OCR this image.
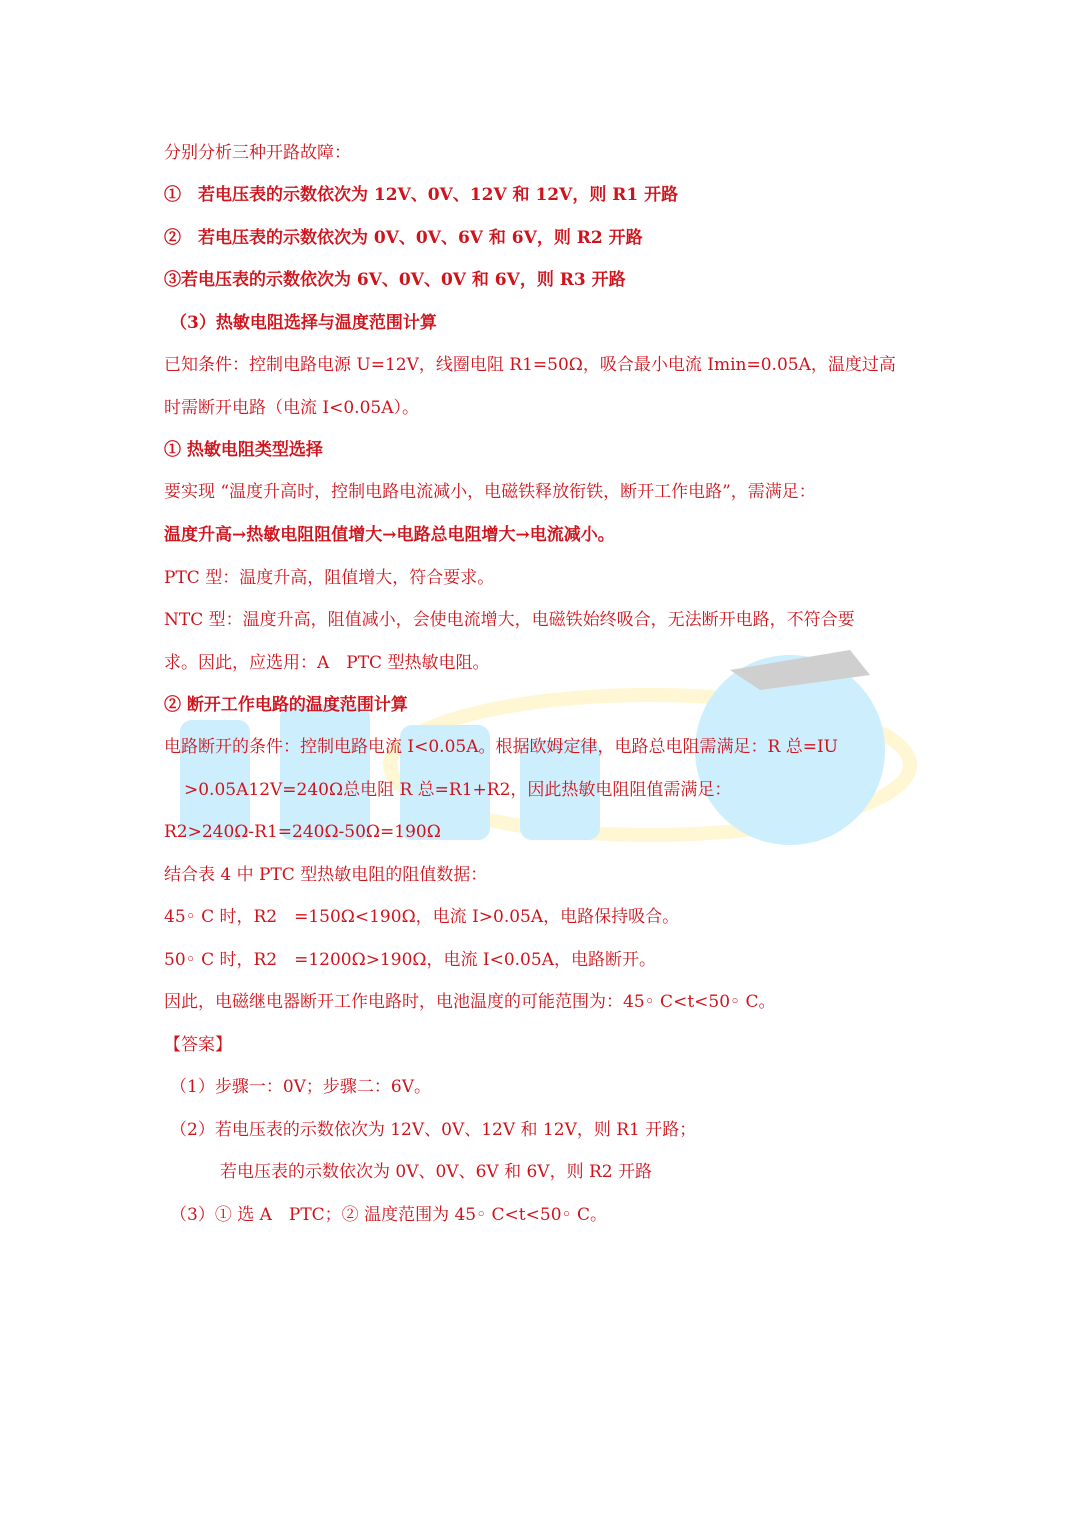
分别分析三种开路故障：
①　若电压表的示数依次为 12V、0V、12V 和 12V，则 R1 开路
②　若电压表的示数依次为 0V、0V、6V 和 6V，则 R2 开路
③若电压表的示数依次为 6V、0V、0V 和 6V，则 R3 开路
（3）热敏电阻选择与温度范围计算
已知条件：控制电路电源 U=12V，线圈电阻 R1=50Ω，吸合最小电流 Imin=0.05A，温度过高
时需断开电路（电流 I<0.05A）。
① 热敏电阻类型选择
要实现 “温度升高时，控制电路电流减小，电磁铁释放衔铁，断开工作电路”，需满足：
温度升高→热敏电阻阻值增大→电路总电阻增大→电流减小。
PTC 型：温度升高，阻值增大，符合要求。
NTC 型：温度升高，阻值减小，会使电流增大，电磁铁始终吸合，无法断开电路，不符合要
求。因此，应选用：A　PTC 型热敏电阻。
② 断开工作电路的温度范围计算
电路断开的条件：控制电路电流 I<0.05A。根据欧姆定律，电路总电阻需满足：R 总=IU
>0.05A12V=240Ω总电阻 R 总=R1+R2，因此热敏电阻阻值需满足：
R2>240Ω-R1=240Ω-50Ω=190Ω
结合表 4 中 PTC 型热敏电阻的阻值数据：
45◦ C 时，R2　=150Ω<190Ω，电流 I>0.05A，电路保持吸合。
50◦ C 时，R2　=1200Ω>190Ω，电流 I<0.05A，电路断开。
因此，电磁继电器断开工作电路时，电池温度的可能范围为：45◦ C<t<50◦ C。
【答案】
（1）步骤一：0V；步骤二：6V。
（2）若电压表的示数依次为 12V、0V、12V 和 12V，则 R1 开路；
若电压表的示数依次为 0V、0V、6V 和 6V，则 R2 开路
（3）① 选 A　PTC；② 温度范围为 45◦ C<t<50◦ C。
